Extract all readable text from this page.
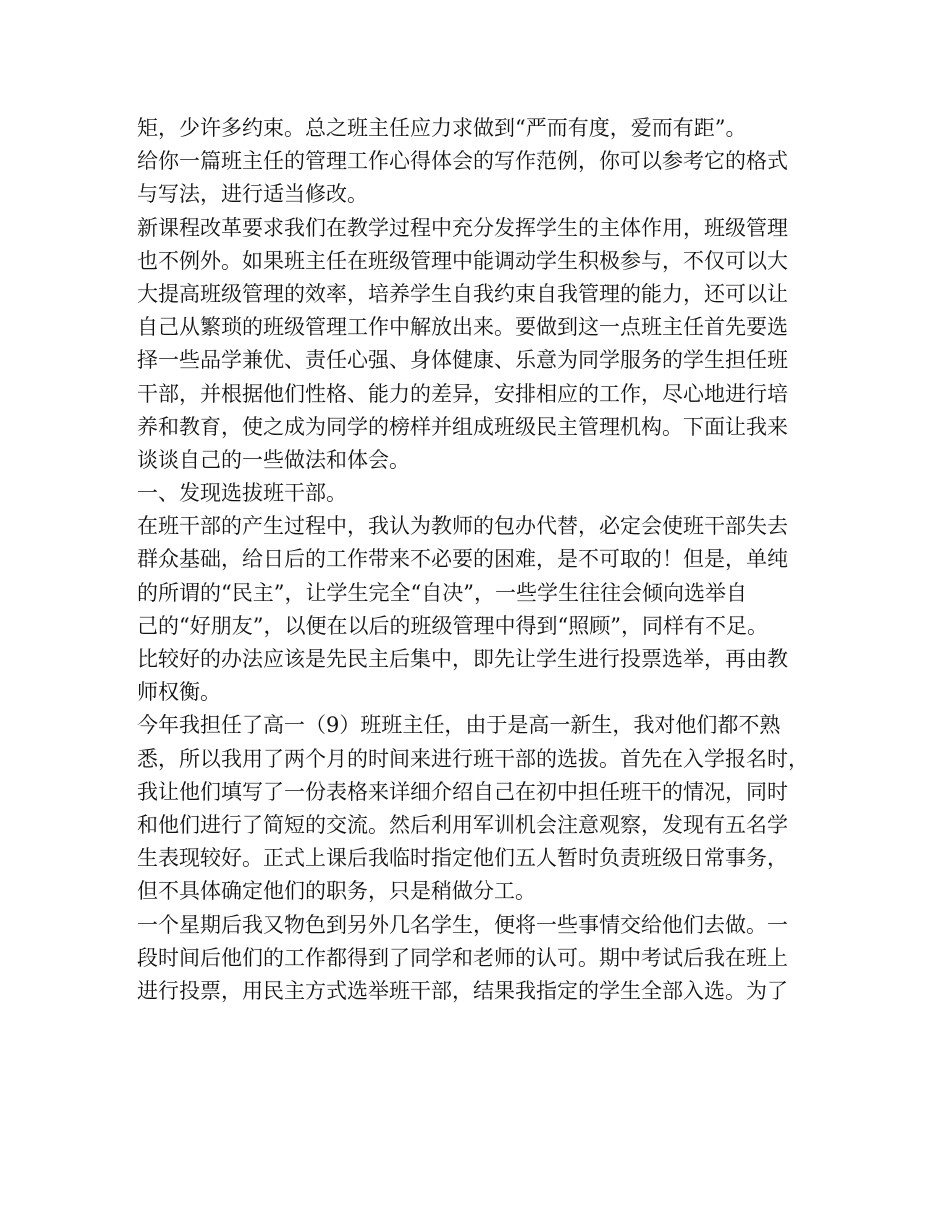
矩，少许多约束。总之班主任应力求做到“严而有度，爱而有距”。
给你一篇班主任的管理工作心得体会的写作范例，你可以参考它的格式
与写法，进行适当修改。
新课程改革要求我们在教学过程中充分发挥学生的主体作用，班级管理
也不例外。如果班主任在班级管理中能调动学生积极参与，不仅可以大
大提高班级管理的效率，培养学生自我约束自我管理的能力，还可以让
自己从繁琐的班级管理工作中解放出来。要做到这一点班主任首先要选
择一些品学兼优、责任心强、身体健康、乐意为同学服务的学生担任班
干部，并根据他们性格、能力的差异，安排相应的工作，尽心地进行培
养和教育，使之成为同学的榜样并组成班级民主管理机构。下面让我来
谈谈自己的一些做法和体会。
一、发现选拔班干部。
在班干部的产生过程中，我认为教师的包办代替，必定会使班干部失去
群众基础，给日后的工作带来不必要的困难，是不可取的！但是，单纯
的所谓的“民主”，让学生完全“自决”，一些学生往往会倾向选举自
己的“好朋友”，以便在以后的班级管理中得到“照顾”，同样有不足。
比较好的办法应该是先民主后集中，即先让学生进行投票选举，再由教
师权衡。
今年我担任了高一（9）班班主任，由于是高一新生，我对他们都不熟
悉，所以我用了两个月的时间来进行班干部的选拔。首先在入学报名时，
我让他们填写了一份表格来详细介绍自己在初中担任班干的情况，同时
和他们进行了简短的交流。然后利用军训机会注意观察，发现有五名学
生表现较好。正式上课后我临时指定他们五人暂时负责班级日常事务，
但不具体确定他们的职务，只是稍做分工。
一个星期后我又物色到另外几名学生，便将一些事情交给他们去做。一
段时间后他们的工作都得到了同学和老师的认可。期中考试后我在班上
进行投票，用民主方式选举班干部，结果我指定的学生全部入选。为了
